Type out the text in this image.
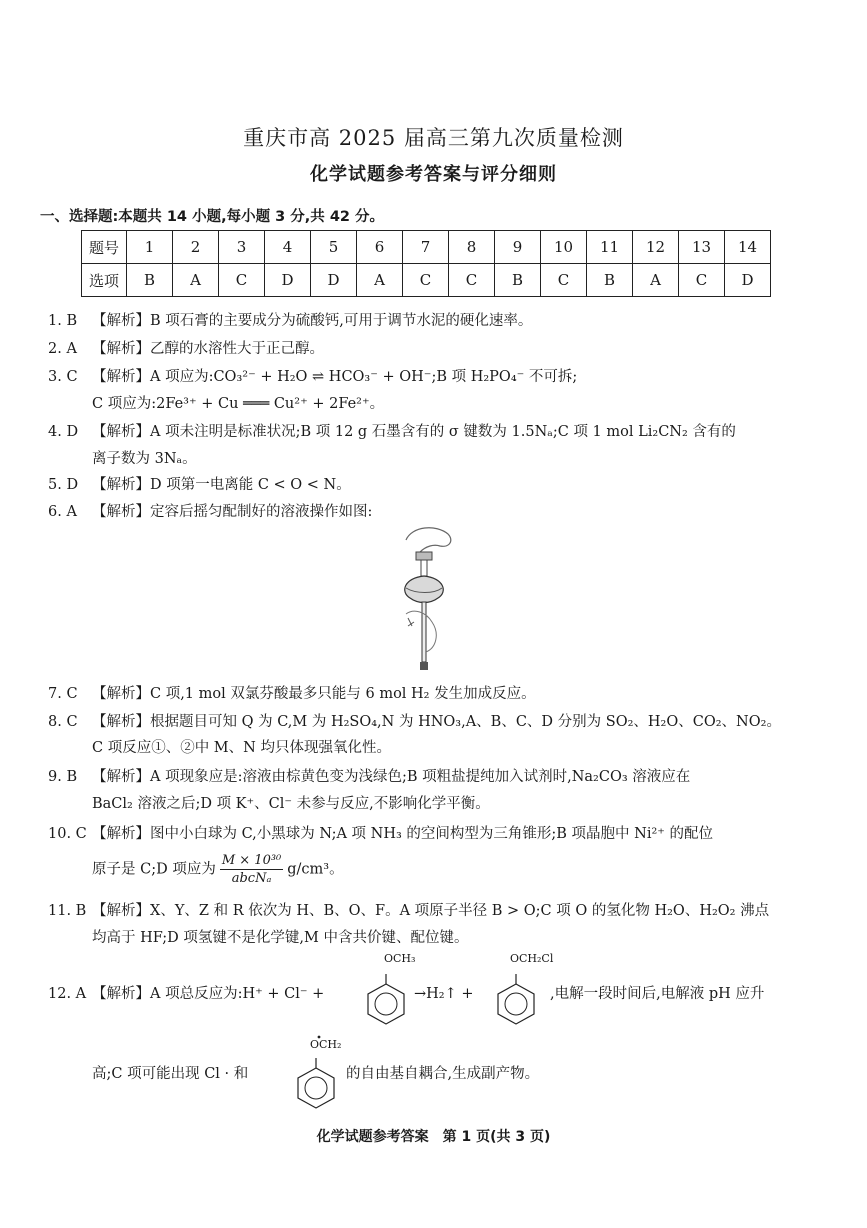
重庆市高 2025 届高三第九次质量检测
化学试题参考答案与评分细则
一、选择题:本题共 14 小题,每小题 3 分,共 42 分。
题号	1	2	3	4	5	6	7	8	9	10	11	12	13	14
选项	B	A	C	D	D	A	C	C	B	C	B	A	C	D
1. B 【解析】B 项石膏的主要成分为硫酸钙,可用于调节水泥的硬化速率。
2. A 【解析】乙醇的水溶性大于正己醇。
3. C 【解析】A 项应为:CO₃²⁻ + H₂O ⇌ HCO₃⁻ + OH⁻;B 项 H₂PO₄⁻ 不可拆;
C 项应为:2Fe³⁺ + Cu ═══ Cu²⁺ + 2Fe²⁺。
4. D 【解析】A 项未注明是标准状况;B 项 12 g 石墨含有的 σ 键数为 1.5Nₐ;C 项 1 mol Li₂CN₂ 含有的
离子数为 3Nₐ。
5. D 【解析】D 项第一电离能 C < O < N。
6. A 【解析】定容后摇匀配制好的溶液操作如图:
7. C 【解析】C 项,1 mol 双氯芬酸最多只能与 6 mol H₂ 发生加成反应。
8. C 【解析】根据题目可知 Q 为 C,M 为 H₂SO₄,N 为 HNO₃,A、B、C、D 分别为 SO₂、H₂O、CO₂、NO₂。
C 项反应①、②中 M、N 均只体现强氧化性。
9. B 【解析】A 项现象应是:溶液由棕黄色变为浅绿色;B 项粗盐提纯加入试剂时,Na₂CO₃ 溶液应在
BaCl₂ 溶液之后;D 项 K⁺、Cl⁻ 未参与反应,不影响化学平衡。
10. C 【解析】图中小白球为 C,小黑球为 N;A 项 NH₃ 的空间构型为三角锥形;B 项晶胞中 Ni²⁺ 的配位
原子是 C;D 项应为 $\frac{\text{M × 10³⁰}}{\text{abcNₐ}} g/cm^3$。
11. B 【解析】X、Y、Z 和 R 依次为 H、B、O、F。A 项原子半径 B > O;C 项 O 的氢化物 H₂O、H₂O₂ 沸点
均高于 HF;D 项氢键不是化学键,M 中含共价键、配位键。
12. A 【解析】A 项总反应为:H⁺ + Cl⁻ +
OCH₃
→H₂↑ +
OCH₂Cl
,电解一段时间后,电解液 pH 应升
高;C 项可能出现 Cl · 和
OCH₂
的自由基自耦合,生成副产物。
化学试题参考答案　第 1 页(共 3 页)
